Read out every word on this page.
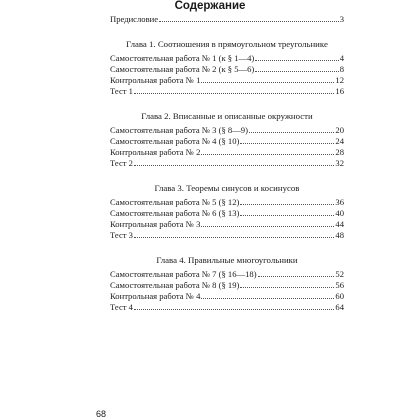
Содержание
Предисловие	3
Глава 1. Соотношения в прямоугольном треугольнике
Самостоятельная работа № 1 (к § 1—4)	4
Самостоятельная работа № 2 (к § 5—6)	8
Контрольная работа № 1	12
Тест 1	16
Глава 2. Вписанные и описанные окружности
Самостоятельная работа № 3 (§ 8—9)	20
Самостоятельная работа № 4 (§ 10)	24
Контрольная работа № 2	28
Тест 2	32
Глава 3. Теоремы синусов и косинусов
Самостоятельная работа № 5 (§ 12)	36
Самостоятельная работа № 6 (§ 13)	40
Контрольная работа № 3	44
Тест 3	48
Глава 4. Правильные многоугольники
Самостоятельная работа № 7 (§ 16—18)	52
Самостоятельная работа № 8 (§ 19)	56
Контрольная работа № 4	60
Тест 4	64
68
